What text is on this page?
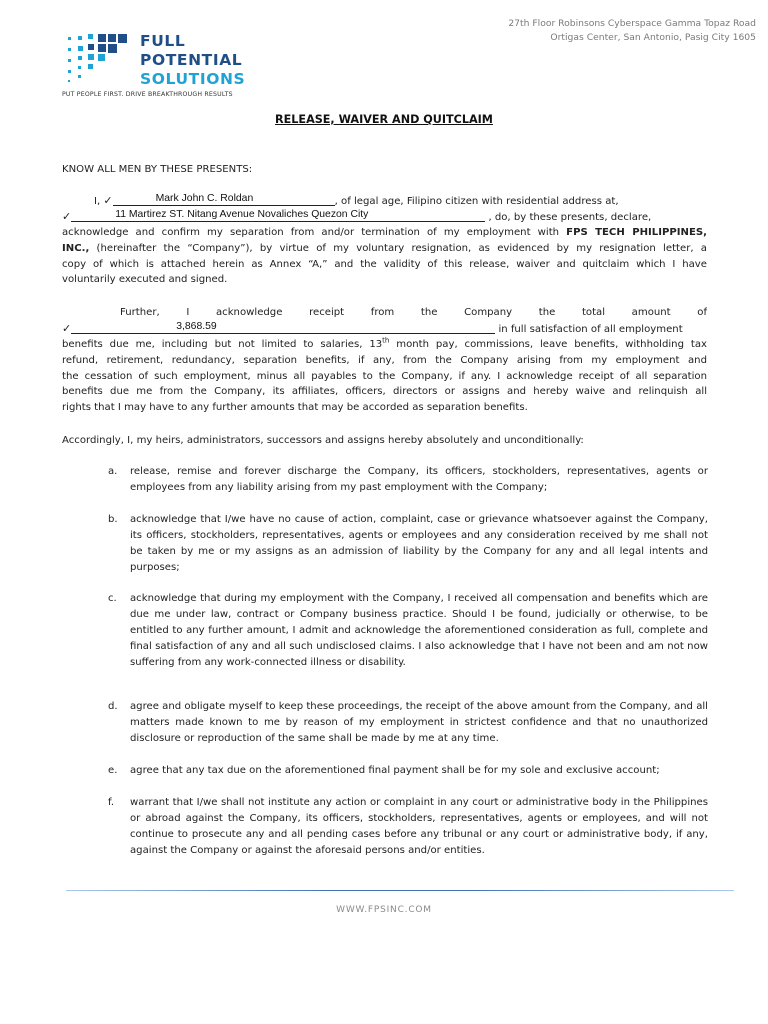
FULL

POTENTIAL

SOLUTIONS

PUT PEOPLE FIRST. DRIVE BREAKTHROUGH RESULTS

27th Floor Robinsons Cyberspace Gamma Topaz Road

Ortigas Center, San Antonio, Pasig City 1605

RELEASE, WAIVER AND QUITCLAIM

KNOW ALL MEN BY THESE PRESENTS:

I, ✓	Mark John C. Roldan	, of legal age, Filipino citizen with residential address at,
✓	11 Martirez ST. Nitang Avenue Novaliches Quezon City	, do, by these presents, declare,
acknowledge and confirm my separation from and/or termination of my employment with FPS TECH PHILIPPINES,
INC., (hereinafter the “Company”), by virtue of my voluntary resignation, as evidenced by my resignation letter, a
copy of which is attached herein as Annex “A,” and the validity of this release, waiver and quitclaim which I have
voluntarily executed and signed.
Further, I acknowledge receipt from the Company the total amount of
✓	3,868.59	in full satisfaction of all employment
benefits due me, including but not limited to salaries, 13th month pay, commissions, leave benefits, withholding tax
refund, retirement, redundancy, separation benefits, if any, from the Company arising from my employment and
the cessation of such employment, minus all payables to the Company, if any. I acknowledge receipt of all separation
benefits due me from the Company, its affiliates, officers, directors or assigns and hereby waive and relinquish all
rights that I may have to any further amounts that may be accorded as separation benefits.

Accordingly, I, my heirs, administrators, successors and assigns hereby absolutely and unconditionally:

a. release, remise and forever discharge the Company, its officers, stockholders, representatives, agents or employees from any liability arising from my past employment with the Company;

b. acknowledge that I/we have no cause of action, complaint, case or grievance whatsoever against the Company, its officers, stockholders, representatives, agents or employees and any consideration received by me shall not be taken by me or my assigns as an admission of liability by the Company for any and all legal intents and purposes;

c. acknowledge that during my employment with the Company, I received all compensation and benefits which are due me under law, contract or Company business practice. Should I be found, judicially or otherwise, to be entitled to any further amount, I admit and acknowledge the aforementioned consideration as full, complete and final satisfaction of any and all such undisclosed claims. I also acknowledge that I have not been and am not now suffering from any work-connected illness or disability.

d. agree and obligate myself to keep these proceedings, the receipt of the above amount from the Company, and all matters made known to me by reason of my employment in strictest confidence and that no unauthorized disclosure or reproduction of the same shall be made by me at any time.

e. agree that any tax due on the aforementioned final payment shall be for my sole and exclusive account;

f. warrant that I/we shall not institute any action or complaint in any court or administrative body in the Philippines or abroad against the Company, its officers, stockholders, representatives, agents or employees, and will not continue to prosecute any and all pending cases before any tribunal or any court or administrative body, if any, against the Company or against the aforesaid persons and/or entities.

WWW.FPSINC.COM
